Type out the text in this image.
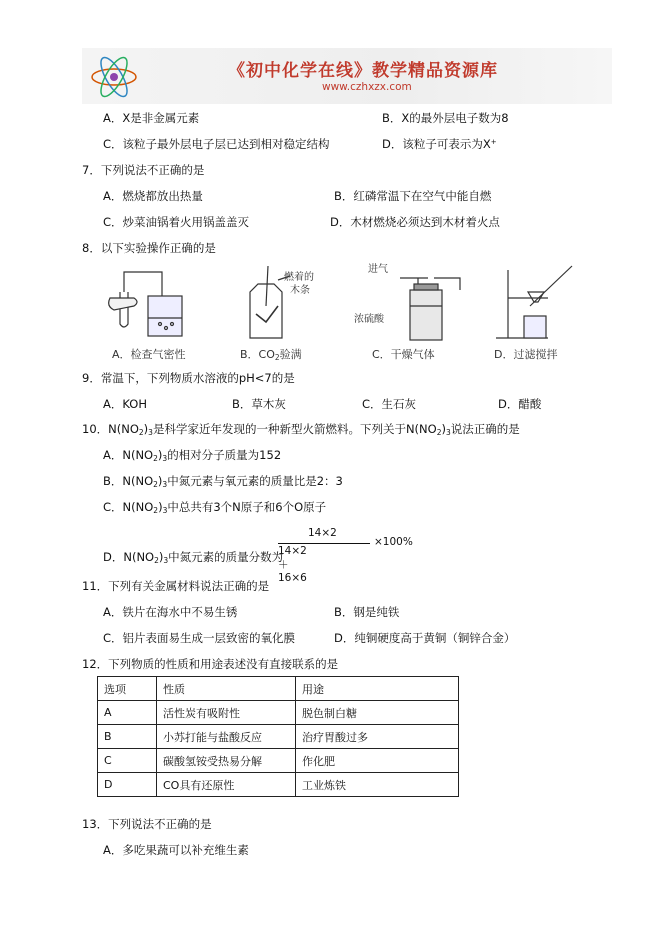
《初中化学在线》教学精品资源库
www.czhxzx.com
A．X是非金属元素	B．X的最外层电子数为8
C．该粒子最外层电子层已达到相对稳定结构	D．该粒子可表示为X+
7．下列说法不正确的是
A．燃烧都放出热量	B．红磷常温下在空气中能自燃
C．炒菜油锅着火用锅盖盖灭	D．木材燃烧必须达到木材着火点
8．以下实验操作正确的是
燃着的
木条
进气
浓硫酸
A．检查气密性	B．$CO_2$验满	C．干燥气体	D．过滤搅拌
9．常温下，下列物质水溶液的pH<7的是
A．KOH	B．草木灰	C．生石灰	D．醋酸
10．$N(NO_2)_3$是科学家近年发现的一种新型火箭燃料。下列关于$N(NO_2)_3$说法正确的是
A．$N(NO_2)_3$的相对分子质量为152
B．$N(NO_2)_3$中氮元素与氧元素的质量比是2：3
C．$N(NO_2)_3$中总共有3个N原子和6个O原子
D．$N(NO_2)_3$中氮元素的质量分数为
14×2
14×2＋16×6
×100%
11．下列有关金属材料说法正确的是
A．铁片在海水中不易生锈	B．钢是纯铁
C．铝片表面易生成一层致密的氧化膜	D．纯铜硬度高于黄铜（铜锌合金）
12．下列物质的性质和用途表述没有直接联系的是
选项	性质	用途
A	活性炭有吸附性	脱色制白糖
B	小苏打能与盐酸反应	治疗胃酸过多
C	碳酸氢铵受热易分解	作化肥
D	CO具有还原性	工业炼铁
13．下列说法不正确的是
A．多吃果蔬可以补充维生素
